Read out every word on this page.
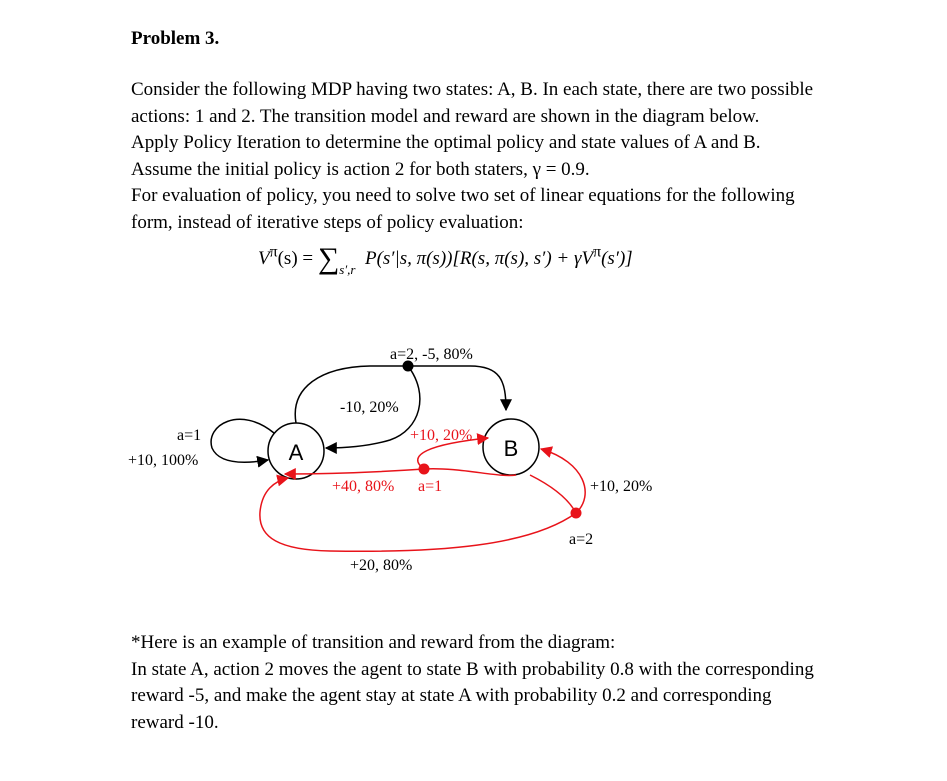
Problem 3.

Consider the following MDP having two states: A, B. In each state, there are two possible

actions: 1 and 2. The transition model and reward are shown in the diagram below.

Apply Policy Iteration to determine the optimal policy and state values of A and B.

Assume the initial policy is action 2 for both staters, γ = 0.9.

For evaluation of policy, you need to solve two set of linear equations for the following

form, instead of iterative steps of policy evaluation:

$V^\pi(s) = \sum_{s',r}$  P(s′|s, π(s))[R(s, π(s), $s') + \gamma V^\pi(s')$]
A	B
a=1
+10, 100%
a=2, -5, 80%
-10, 20%
+10, 20%
+40, 80% a=1	+10, 20%
a=2
+20, 80%

*Here is an example of transition and reward from the diagram:

In state A, action 2 moves the agent to state B with probability 0.8 with the corresponding

reward -5, and make the agent stay at state A with probability 0.2 and corresponding

reward -10.
